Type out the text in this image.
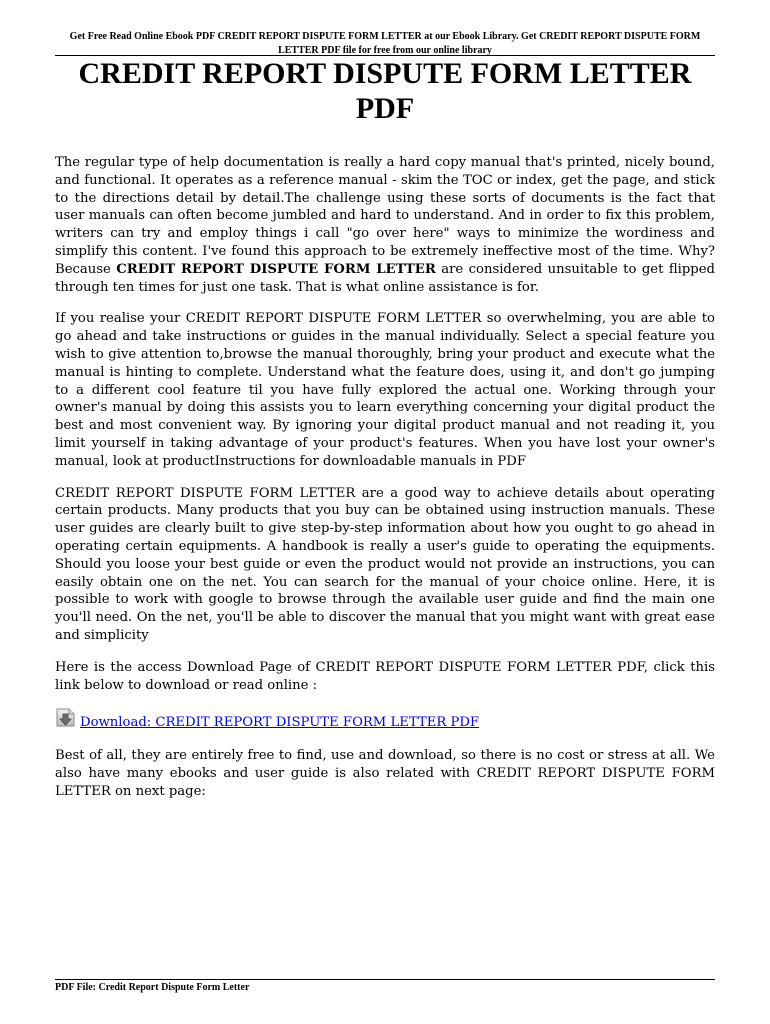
Get Free Read Online Ebook PDF CREDIT REPORT DISPUTE FORM LETTER at our Ebook Library. Get CREDIT REPORT DISPUTE FORM LETTER PDF file for free from our online library
CREDIT REPORT DISPUTE FORM LETTER PDF

The regular type of help documentation is really a hard copy manual that's printed, nicely bound, and functional. It operates as a reference manual - skim the TOC or index, get the page, and stick to the directions detail by detail.The challenge using these sorts of documents is the fact that user manuals can often become jumbled and hard to understand. And in order to fix this problem, writers can try and employ things i call "go over here" ways to minimize the wordiness and simplify this content. I've found this approach to be extremely ineffective most of the time. Why? Because CREDIT REPORT DISPUTE FORM LETTER are considered unsuitable to get flipped through ten times for just one task. That is what online assistance is for.

If you realise your CREDIT REPORT DISPUTE FORM LETTER so overwhelming, you are able to go ahead and take instructions or guides in the manual individually. Select a special feature you wish to give attention to,browse the manual thoroughly, bring your product and execute what the manual is hinting to complete. Understand what the feature does, using it, and don't go jumping to a different cool feature til you have fully explored the actual one. Working through your owner's manual by doing this assists you to learn everything concerning your digital product the best and most convenient way. By ignoring your digital product manual and not reading it, you limit yourself in taking advantage of your product's features. When you have lost your owner's manual, look at productInstructions for downloadable manuals in PDF

CREDIT REPORT DISPUTE FORM LETTER are a good way to achieve details about operating certain products. Many products that you buy can be obtained using instruction manuals. These user guides are clearly built to give step-by-step information about how you ought to go ahead in operating certain equipments. A handbook is really a user's guide to operating the equipments. Should you loose your best guide or even the product would not provide an instructions, you can easily obtain one on the net. You can search for the manual of your choice online. Here, it is possible to work with google to browse through the available user guide and find the main one you'll need. On the net, you'll be able to discover the manual that you might want with great ease and simplicity

Here is the access Download Page of CREDIT REPORT DISPUTE FORM LETTER PDF, click this link below to download or read online :

Download: CREDIT REPORT DISPUTE FORM LETTER PDF

Best of all, they are entirely free to find, use and download, so there is no cost or stress at all. We also have many ebooks and user guide is also related with CREDIT REPORT DISPUTE FORM LETTER on next page:

PDF File: Credit Report Dispute Form Letter
